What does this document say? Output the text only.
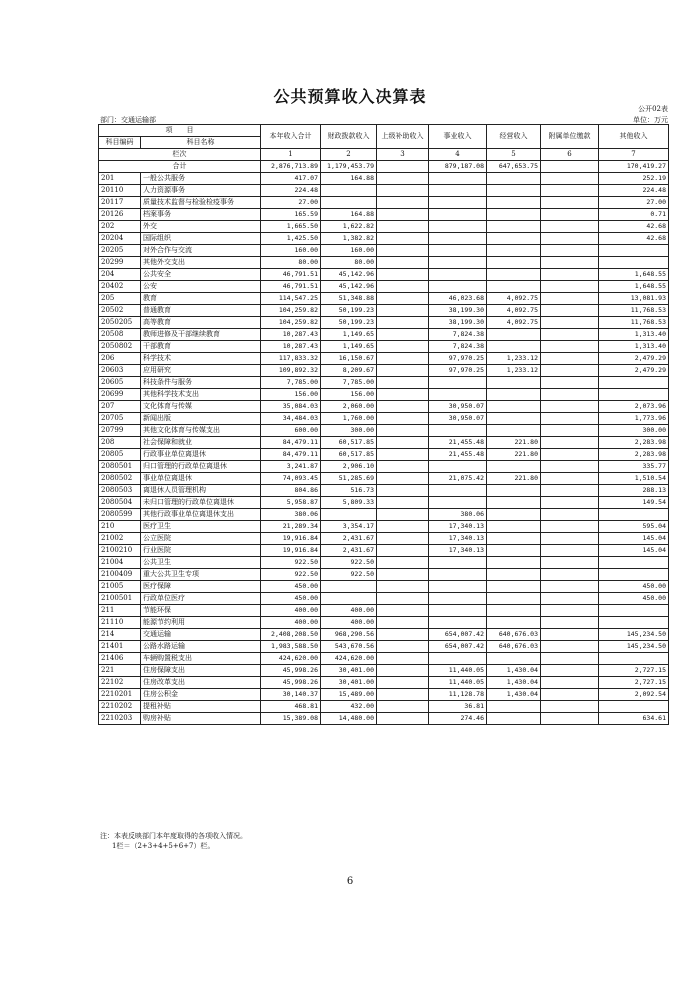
公共预算收入决算表
公开02表
部门：交通运输部	单位：万元
项　　目		本年收入合计	财政拨款收入	上级补助收入	事业收入	经营收入	附属单位缴款	其他收入
科目编码	科目名称							
栏次		1	2	3	4	5	6	7
合计		2,876,713.89	1,179,453.79		879,187.08	647,653.75		170,419.27
201	一般公共服务	417.07	164.88					252.19
20110	人力资源事务	224.48						224.48
20117	质量技术监督与检验检疫事务	27.00						27.00
20126	档案事务	165.59	164.88					0.71
202	外交	1,665.50	1,622.82					42.68
20204	国际组织	1,425.50	1,382.82					42.68
20205	对外合作与交流	160.00	160.00					
20299	其他外交支出	80.00	80.00					
204	公共安全	46,791.51	45,142.96					1,648.55
20402	公安	46,791.51	45,142.96					1,648.55
205	教育	114,547.25	51,348.88		46,023.68	4,092.75		13,081.93
20502	普通教育	104,259.82	50,199.23		38,199.30	4,092.75		11,768.53
2050205	高等教育	104,259.82	50,199.23		38,199.30	4,092.75		11,768.53
20508	教师进修及干部继续教育	10,287.43	1,149.65		7,824.38			1,313.40
2050802	干部教育	10,287.43	1,149.65		7,824.38			1,313.40
206	科学技术	117,833.32	16,150.67		97,970.25	1,233.12		2,479.29
20603	应用研究	109,892.32	8,209.67		97,970.25	1,233.12		2,479.29
20605	科技条件与服务	7,785.00	7,785.00					
20699	其他科学技术支出	156.00	156.00					
207	文化体育与传媒	35,084.03	2,060.00		30,950.07			2,073.96
20705	新闻出版	34,484.03	1,760.00		30,950.07			1,773.96
20799	其他文化体育与传媒支出	600.00	300.00					300.00
208	社会保障和就业	84,479.11	60,517.85		21,455.48	221.80		2,283.98
20805	行政事业单位离退休	84,479.11	60,517.85		21,455.48	221.80		2,283.98
2080501	归口管理的行政单位离退休	3,241.87	2,906.10					335.77
2080502	事业单位离退休	74,093.45	51,285.69		21,075.42	221.80		1,510.54
2080503	离退休人员管理机构	804.86	516.73					288.13
2080504	未归口管理的行政单位离退休	5,958.87	5,809.33					149.54
2080599	其他行政事业单位离退休支出	380.06			380.06			
210	医疗卫生	21,289.34	3,354.17		17,340.13			595.04
21002	公立医院	19,916.84	2,431.67		17,340.13			145.04
2100210	行业医院	19,916.84	2,431.67		17,340.13			145.04
21004	公共卫生	922.50	922.50					
2100409	重大公共卫生专项	922.50	922.50					
21005	医疗保障	450.00						450.00
2100501	行政单位医疗	450.00						450.00
211	节能环保	400.00	400.00					
21110	能源节约利用	400.00	400.00					
214	交通运输	2,408,208.50	968,290.56		654,007.42	640,676.03		145,234.50
21401	公路水路运输	1,983,588.50	543,670.56		654,007.42	640,676.03		145,234.50
21406	车辆购置税支出	424,620.00	424,620.00					
221	住房保障支出	45,998.26	30,401.00		11,440.05	1,430.04		2,727.15
22102	住房改革支出	45,998.26	30,401.00		11,440.05	1,430.04		2,727.15
2210201	住房公积金	30,140.37	15,489.00		11,128.78	1,430.04		2,092.54
2210202	提租补贴	468.81	432.00		36.81			
2210203	购房补贴	15,389.08	14,480.00		274.46			634.61
注：本表反映部门本年度取得的各项收入情况。
1栏＝（2+3+4+5+6+7）栏。
6
